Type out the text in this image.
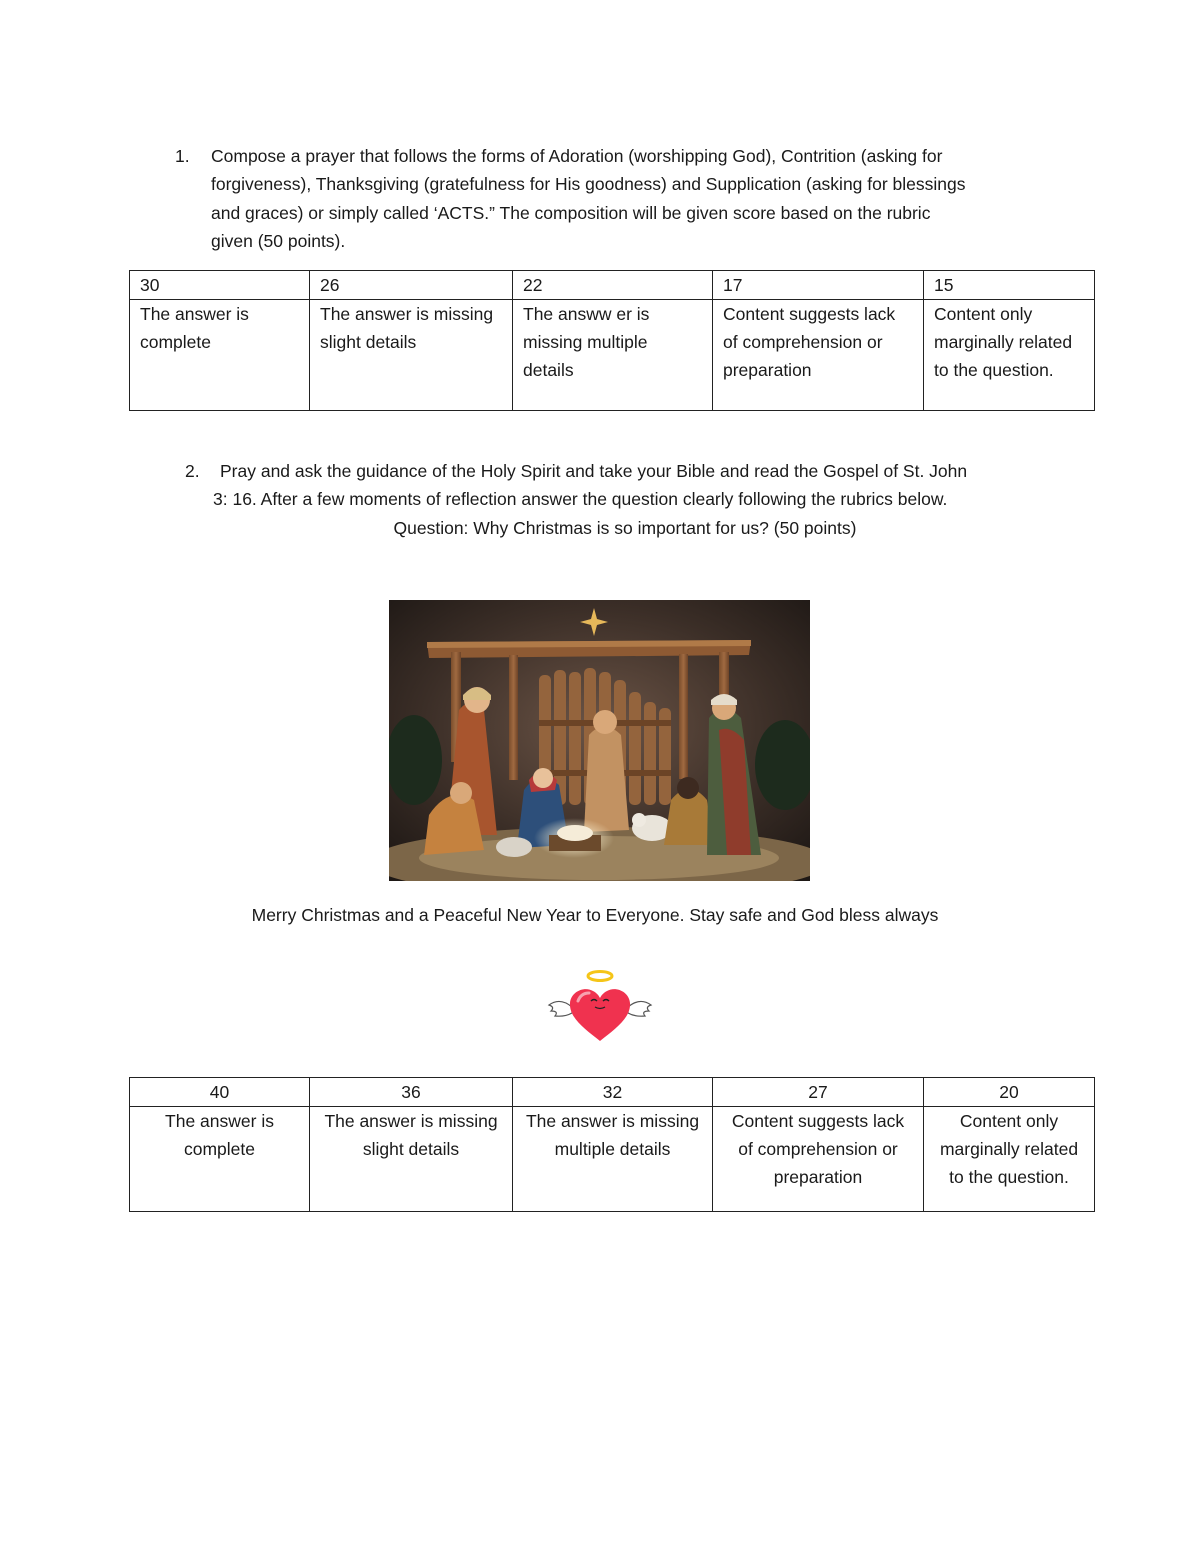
1. Compose a prayer that follows the forms of Adoration (worshipping God), Contrition (asking for
forgiveness), Thanksgiving (gratefulness for His goodness) and Supplication (asking for blessings
and graces) or simply called ‘ACTS.” The composition will be given score based on the rubric
given (50 points).
30	26	22	17	15
The answer is complete	The answer is missing slight details	The answw er is missing multiple details	Content suggests lack of comprehension or preparation	Content only marginally related to the question.
2. Pray and ask the guidance of the Holy Spirit and take your Bible and read the Gospel of St. John
3: 16. After a few moments of reflection answer the question clearly following the rubrics below.
Question: Why Christmas is so important for us? (50 points)
Merry Christmas and a Peaceful New Year to Everyone. Stay safe and God bless always
40	36	32	27	20
The answer is complete	The answer is missing slight details	The answer is missing multiple details	Content suggests lack of comprehension or preparation	Content only marginally related to the question.
